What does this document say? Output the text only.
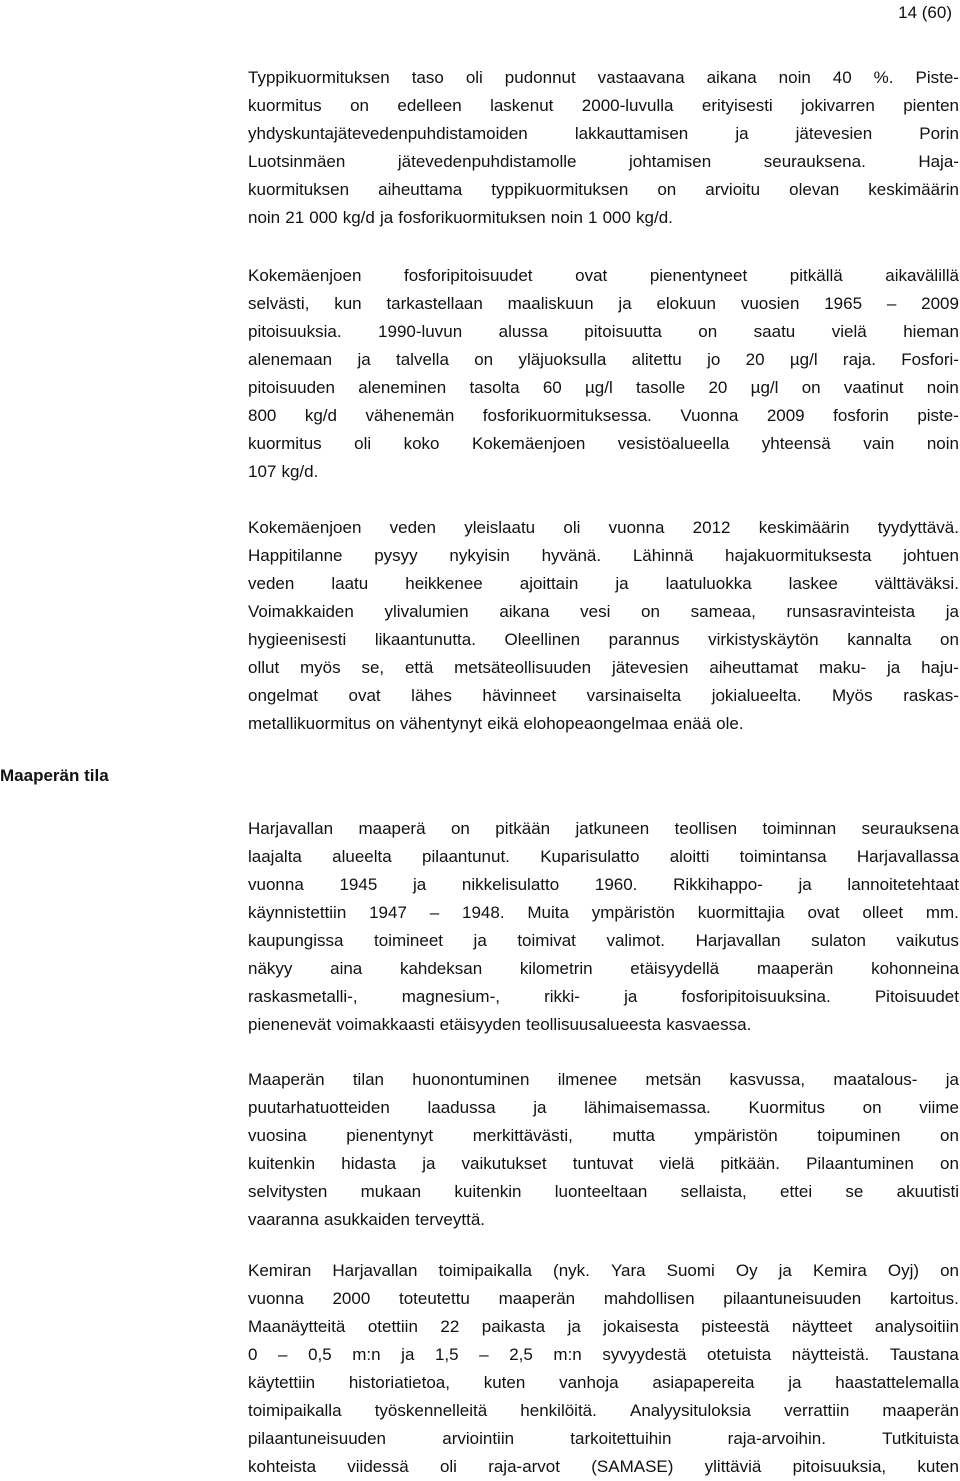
14 (60)
Maaperän tila
Typpikuormituksen taso oli pudonnut vastaavana aikana noin 40 %. Piste-
kuormitus on edelleen laskenut 2000-luvulla erityisesti jokivarren pienten
yhdyskuntajätevedenpuhdistamoiden	lakkauttamisen	ja	jätevesien	Porin
Luotsinmäen	jätevedenpuhdistamolle	johtamisen	seurauksena.	Haja-
kuormituksen aiheuttama typpikuormituksen on arvioitu olevan keskimäärin
noin 21 000 kg/d ja fosforikuormituksen noin 1 000 kg/d.
Kokemäenjoen	fosforipitoisuudet	ovat	pienentyneet	pitkällä	aikavälillä
selvästi, kun tarkastellaan maaliskuun ja elokuun vuosien 1965 – 2009
pitoisuuksia. 1990-luvun alussa pitoisuutta on saatu vielä hieman
alenemaan ja talvella on yläjuoksulla alitettu jo 20 µg/l raja. Fosfori-
pitoisuuden aleneminen tasolta 60 µg/l tasolle 20 µg/l on vaatinut noin
800 kg/d vähenemän fosforikuormituksessa. Vuonna 2009 fosforin piste-
kuormitus oli koko Kokemäenjoen vesistöalueella yhteensä vain noin
107 kg/d.
Kokemäenjoen veden yleislaatu oli vuonna 2012 keskimäärin tyydyttävä.
Happitilanne pysyy nykyisin hyvänä. Lähinnä hajakuormituksesta johtuen
veden laatu heikkenee ajoittain ja laatuluokka laskee välttäväksi.
Voimakkaiden ylivalumien aikana vesi on sameaa, runsasravinteista ja
hygieenisesti likaantunutta. Oleellinen parannus virkistyskäytön kannalta on
ollut myös se, että metsäteollisuuden jätevesien aiheuttamat maku- ja haju-
ongelmat ovat lähes hävinneet varsinaiselta jokialueelta. Myös raskas-
metallikuormitus on vähentynyt eikä elohopeaongelmaa enää ole.
Harjavallan maaperä on pitkään jatkuneen teollisen toiminnan seurauksena
laajalta alueelta pilaantunut. Kuparisulatto aloitti toimintansa Harjavallassa
vuonna 1945 ja nikkelisulatto 1960. Rikkihappo- ja lannoitetehtaat
käynnistettiin 1947 – 1948. Muita ympäristön kuormittajia ovat olleet mm.
kaupungissa toimineet ja toimivat valimot. Harjavallan sulaton vaikutus
näkyy aina kahdeksan kilometrin etäisyydellä maaperän kohonneina
raskasmetalli-,	magnesium-,	rikki-	ja	fosforipitoisuuksina.	Pitoisuudet
pienenevät voimakkaasti etäisyyden teollisuusalueesta kasvaessa.
Maaperän tilan huonontuminen ilmenee metsän kasvussa, maatalous- ja
puutarhatuotteiden laadussa ja lähimaisemassa. Kuormitus on viime
vuosina pienentynyt merkittävästi, mutta ympäristön toipuminen on
kuitenkin hidasta ja vaikutukset tuntuvat vielä pitkään. Pilaantuminen on
selvitysten mukaan kuitenkin luonteeltaan sellaista, ettei se akuutisti
vaaranna asukkaiden terveyttä.
Kemiran Harjavallan toimipaikalla (nyk. Yara Suomi Oy ja Kemira Oyj) on
vuonna 2000 toteutettu maaperän mahdollisen pilaantuneisuuden kartoitus.
Maanäytteitä otettiin 22 paikasta ja jokaisesta pisteestä näytteet analysoitiin
0 – 0,5 m:n ja 1,5 – 2,5 m:n syvyydestä otetuista näytteistä. Taustana
käytettiin historiatietoa, kuten vanhoja asiapapereita ja haastattelemalla
toimipaikalla työskennelleitä henkilöitä. Analyysituloksia verrattiin maaperän
pilaantuneisuuden	arviointiin	tarkoitettuihin	raja-arvoihin.	Tutkituista
kohteista viidessä oli raja-arvot (SAMASE) ylittäviä pitoisuuksia, kuten
